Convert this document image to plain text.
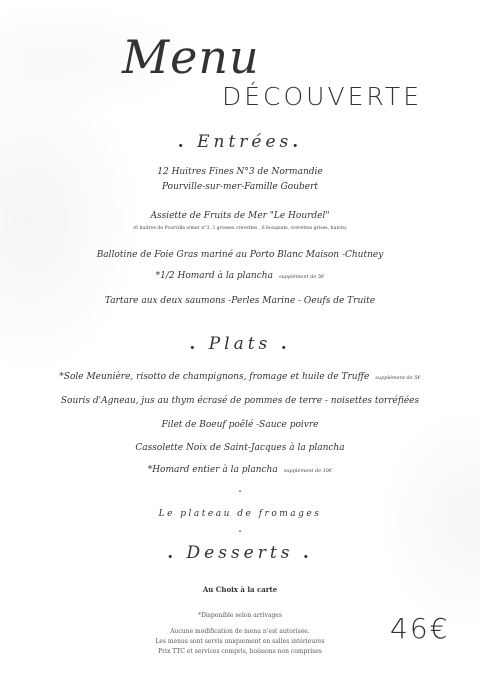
Menu
DÉCOUVERTE
. Entrées.
12 Huitres Fines N°3 de Normandie
Pourville-sur-mer-Famille Goubert
Assiette de Fruits de Mer "Le Hourdel"
(6 huitres de Pourville s/mer n°3, 3 grosses crevettes , 6 bouquets, crevettes grises, bulots)
Ballotine de Foie Gras mariné au Porto Blanc Maison -Chutney
*1/2 Homard à la plancha supplément de 5€
Tartare aux deux saumons -Perles Marine - Oeufs de Truite
. Plats .
*Sole Meunière, risotto de champignons, fromage et huile de Truffe supplément de 5€
Souris d'Agneau, jus au thym écrasé de pommes de terre - noisettes torréfiées
Filet de Boeuf poêlé -Sauce poivre
Cassolette Noix de Saint-Jacques à la plancha
*Homard entier à la plancha supplément de 10€
.
Le plateau de fromages
.
. Desserts .
Au Choix à la carte
*Disponible selon arrivages
Aucune modification de menu n'est autorisée.
Les menus sont servis uniquement en salles intérieures
Prix TTC et services compris, boissons non comprises
46€
